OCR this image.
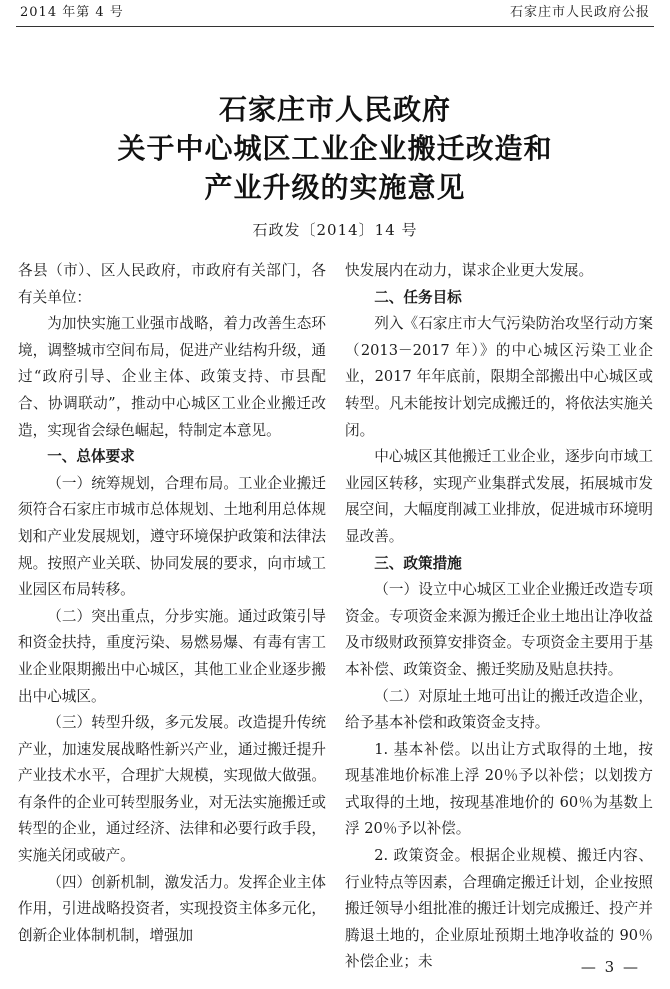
2014 年第 4 号	石家庄市人民政府公报
石家庄市人民政府
关于中心城区工业企业搬迁改造和
产业升级的实施意见
石政发〔2014〕14 号

各县（市）、区人民政府，市政府有关部门，各有关单位：

为加快实施工业强市战略，着力改善生态环境，调整城市空间布局，促进产业结构升级，通过“政府引导、企业主体、政策支持、市县配合、协调联动”，推动中心城区工业企业搬迁改造，实现省会绿色崛起，特制定本意见。

一、总体要求

（一）统筹规划，合理布局。工业企业搬迁须符合石家庄市城市总体规划、土地利用总体规划和产业发展规划，遵守环境保护政策和法律法规。按照产业关联、协同发展的要求，向市域工业园区布局转移。

（二）突出重点，分步实施。通过政策引导和资金扶持，重度污染、易燃易爆、有毒有害工业企业限期搬出中心城区，其他工业企业逐步搬出中心城区。

（三）转型升级，多元发展。改造提升传统产业，加速发展战略性新兴产业，通过搬迁提升产业技术水平，合理扩大规模，实现做大做强。有条件的企业可转型服务业，对无法实施搬迁或转型的企业，通过经济、法律和必要行政手段，实施关闭或破产。

（四）创新机制，激发活力。发挥企业主体作用，引进战略投资者，实现投资主体多元化，创新企业体制机制，增强加

快发展内在动力，谋求企业更大发展。

二、任务目标

列入《石家庄市大气污染防治攻坚行动方案（2013－2017 年）》的中心城区污染工业企业，2017 年年底前，限期全部搬出中心城区或转型。凡未能按计划完成搬迁的，将依法实施关闭。

中心城区其他搬迁工业企业，逐步向市域工业园区转移，实现产业集群式发展，拓展城市发展空间，大幅度削减工业排放，促进城市环境明显改善。

三、政策措施

（一）设立中心城区工业企业搬迁改造专项资金。专项资金来源为搬迁企业土地出让净收益及市级财政预算安排资金。专项资金主要用于基本补偿、政策资金、搬迁奖励及贴息扶持。

（二）对原址土地可出让的搬迁改造企业，给予基本补偿和政策资金支持。

1. 基本补偿。以出让方式取得的土地，按现基准地价标准上浮 20％予以补偿；以划拨方式取得的土地，按现基准地价的 60％为基数上浮 20％予以补偿。

2. 政策资金。根据企业规模、搬迁内容、行业特点等因素，合理确定搬迁计划，企业按照搬迁领导小组批准的搬迁计划完成搬迁、投产并腾退土地的，企业原址预期土地净收益的 90％补偿企业；未	— 3 —
